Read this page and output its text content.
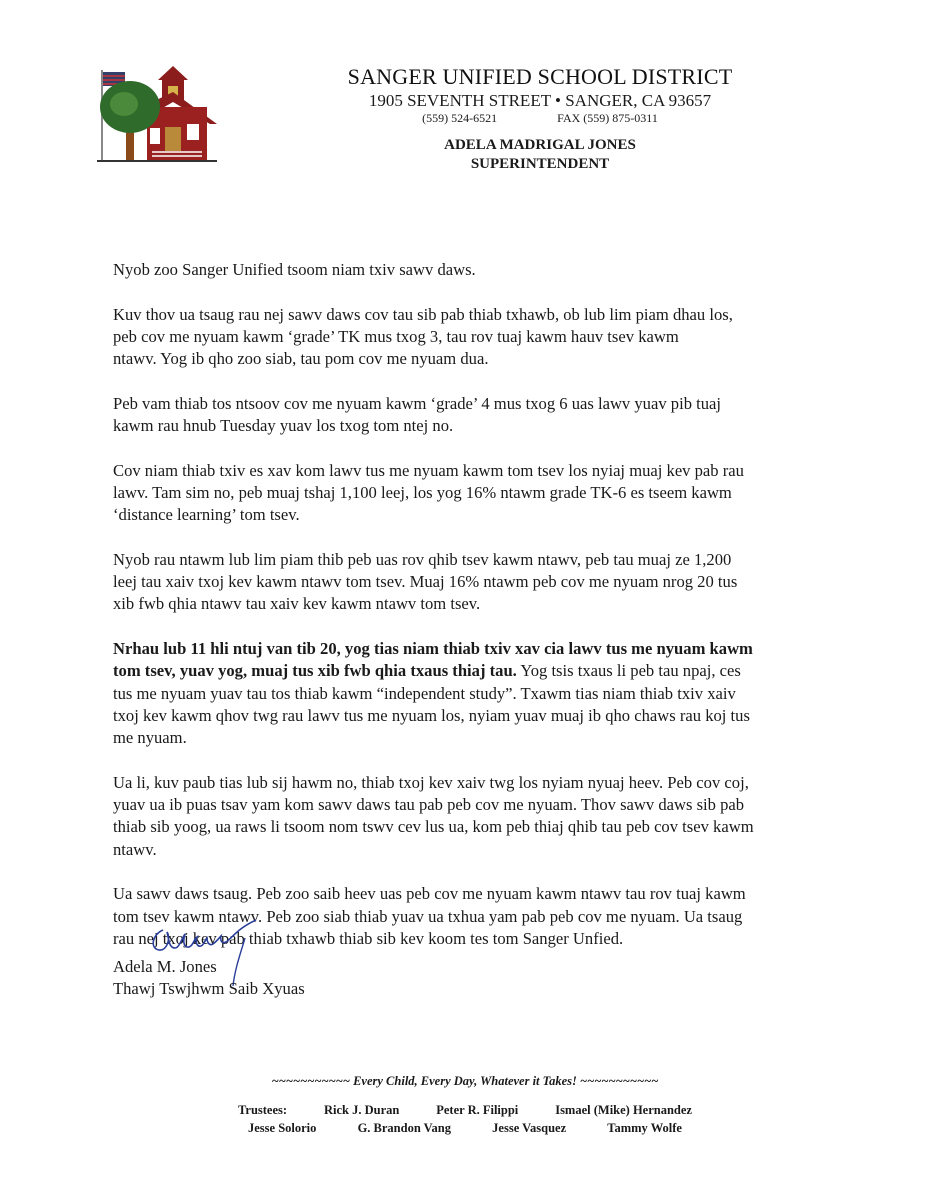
SANGER UNIFIED SCHOOL DISTRICT
1905 SEVENTH STREET • SANGER, CA 93657
(559) 524-6521	FAX (559) 875-0311
ADELA MADRIGAL JONES
SUPERINTENDENT

Nyob zoo Sanger Unified tsoom niam txiv sawv daws.

Kuv thov ua tsaug rau nej sawv daws cov tau sib pab thiab txhawb, ob lub lim piam dhau los,
peb cov me nyuam kawm ‘grade’ TK mus txog 3, tau rov tuaj kawm hauv tsev kawm
ntawv. Yog ib qho zoo siab, tau pom cov me nyuam dua.

Peb vam thiab tos ntsoov cov me nyuam kawm ‘grade’ 4 mus txog 6 uas lawv yuav pib tuaj
kawm rau hnub Tuesday yuav los txog tom ntej no.

Cov niam thiab txiv es xav kom lawv tus me nyuam kawm tom tsev los nyiaj muaj kev pab rau
lawv. Tam sim no, peb muaj tshaj 1,100 leej, los yog 16% ntawm grade TK-6 es tseem kawm
‘distance learning’ tom tsev.

Nyob rau ntawm lub lim piam thib peb uas rov qhib tsev kawm ntawv, peb tau muaj ze 1,200
leej tau xaiv txoj kev kawm ntawv tom tsev. Muaj 16% ntawm peb cov me nyuam nrog 20 tus
xib fwb qhia ntawv tau xaiv kev kawm ntawv tom tsev.

Nrhau lub 11 hli ntuj van tib 20, yog tias niam thiab txiv xav cia lawv tus me nyuam kawm
tom tsev, yuav yog, muaj tus xib fwb qhia txaus thiaj tau. Yog tsis txaus li peb tau npaj, ces
tus me nyuam yuav tau tos thiab kawm “independent study”. Txawm tias niam thiab txiv xaiv
txoj kev kawm qhov twg rau lawv tus me nyuam los, nyiam yuav muaj ib qho chaws rau koj tus
me nyuam.

Ua li, kuv paub tias lub sij hawm no, thiab txoj kev xaiv twg los nyiam nyuaj heev. Peb cov coj,
yuav ua ib puas tsav yam kom sawv daws tau pab peb cov me nyuam. Thov sawv daws sib pab
thiab sib yoog, ua raws li tsoom nom tswv cev lus ua, kom peb thiaj qhib tau peb cov tsev kawm
ntawv.

Ua sawv daws tsaug. Peb zoo saib heev uas peb cov me nyuam kawm ntawv tau rov tuaj kawm
tom tsev kawm ntawv. Peb zoo siab thiab yuav ua txhua yam pab peb cov me nyuam. Ua tsaug
rau nej txoj kev pab thiab txhawb thiab sib kev koom tes tom Sanger Unfied.

Adela M. Jones
Thawj Tswjhwm Saib Xyuas
~~~~~~~~~~~ Every Child, Every Day, Whatever it Takes! ~~~~~~~~~~~
Trustees:	Rick J. Duran	Peter R. Filippi	Ismael (Mike) Hernandez
Jesse Solorio	G. Brandon Vang	Jesse Vasquez	Tammy Wolfe
